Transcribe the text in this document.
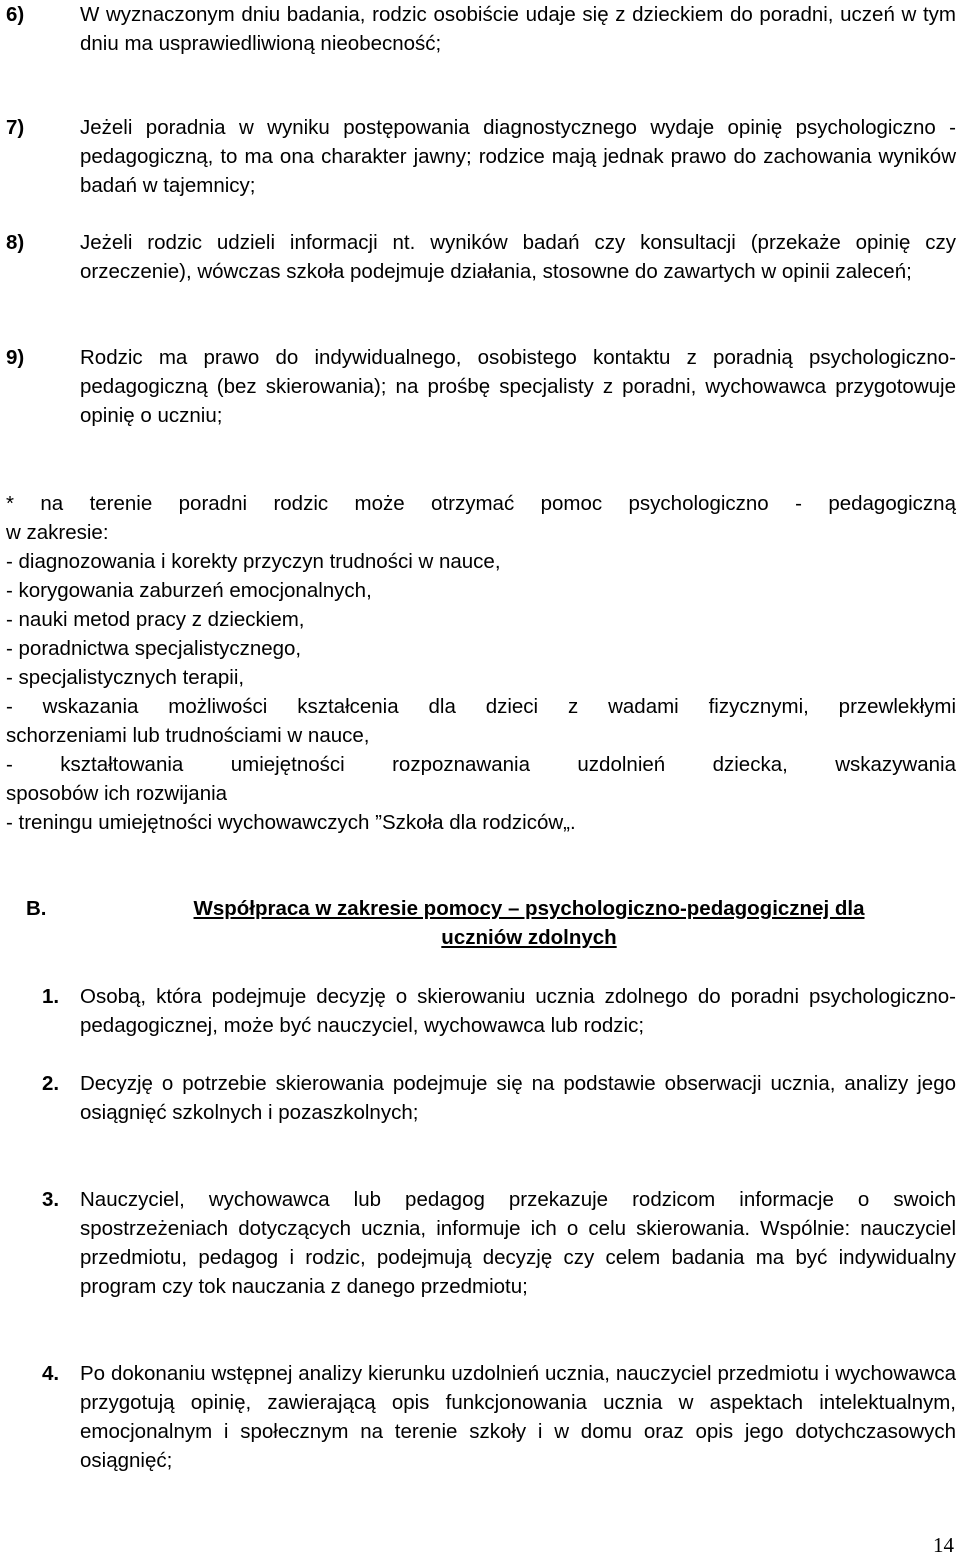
6)	W wyznaczonym dniu badania, rodzic osobiście udaje się z dzieckiem do poradni, uczeń w tym dniu ma usprawiedliwioną nieobecność;
7)	Jeżeli poradnia w wyniku postępowania diagnostycznego wydaje opinię psychologiczno - pedagogiczną, to ma ona charakter jawny; rodzice mają jednak prawo do zachowania wyników badań w tajemnicy;
8)	Jeżeli rodzic udzieli informacji nt. wyników badań czy konsultacji (przekaże opinię czy orzeczenie), wówczas szkoła podejmuje działania, stosowne do zawartych w opinii zaleceń;
9)	Rodzic ma prawo do indywidualnego, osobistego kontaktu z poradnią psychologiczno- pedagogiczną (bez skierowania); na prośbę specjalisty z poradni, wychowawca przygotowuje opinię o uczniu;
* na terenie poradni rodzic może otrzymać pomoc psychologiczno - pedagogiczną
w zakresie:
- diagnozowania i korekty przyczyn trudności w nauce,
- korygowania zaburzeń emocjonalnych,
- nauki metod pracy z dzieckiem,
- poradnictwa specjalistycznego,
- specjalistycznych terapii,
- wskazania możliwości kształcenia dla dzieci z wadami fizycznymi, przewlekłymi
schorzeniami lub trudnościami w nauce,
- kształtowania umiejętności rozpoznawania uzdolnień dziecka, wskazywania
sposobów ich rozwijania
- treningu umiejętności wychowawczych ”Szkoła dla rodziców„.
B.	Współpraca w zakresie pomocy – psychologiczno-pedagogicznej dla
uczniów zdolnych
1. Osobą, która podejmuje decyzję o skierowaniu ucznia zdolnego do poradni psychologiczno-pedagogicznej, może być nauczyciel, wychowawca lub rodzic;
2. Decyzję o potrzebie skierowania podejmuje się na podstawie obserwacji ucznia, analizy jego osiągnięć szkolnych i pozaszkolnych;
3. Nauczyciel, wychowawca lub pedagog przekazuje rodzicom informacje o swoich spostrzeżeniach dotyczących ucznia, informuje ich o celu skierowania. Wspólnie: nauczyciel przedmiotu, pedagog i rodzic, podejmują decyzję czy celem badania ma być indywidualny program czy tok nauczania z danego przedmiotu;
4. Po dokonaniu wstępnej analizy kierunku uzdolnień ucznia, nauczyciel przedmiotu i wychowawca przygotują opinię, zawierającą opis funkcjonowania ucznia w aspektach intelektualnym, emocjonalnym i społecznym na terenie szkoły i w domu oraz opis jego dotychczasowych osiągnięć;
14
